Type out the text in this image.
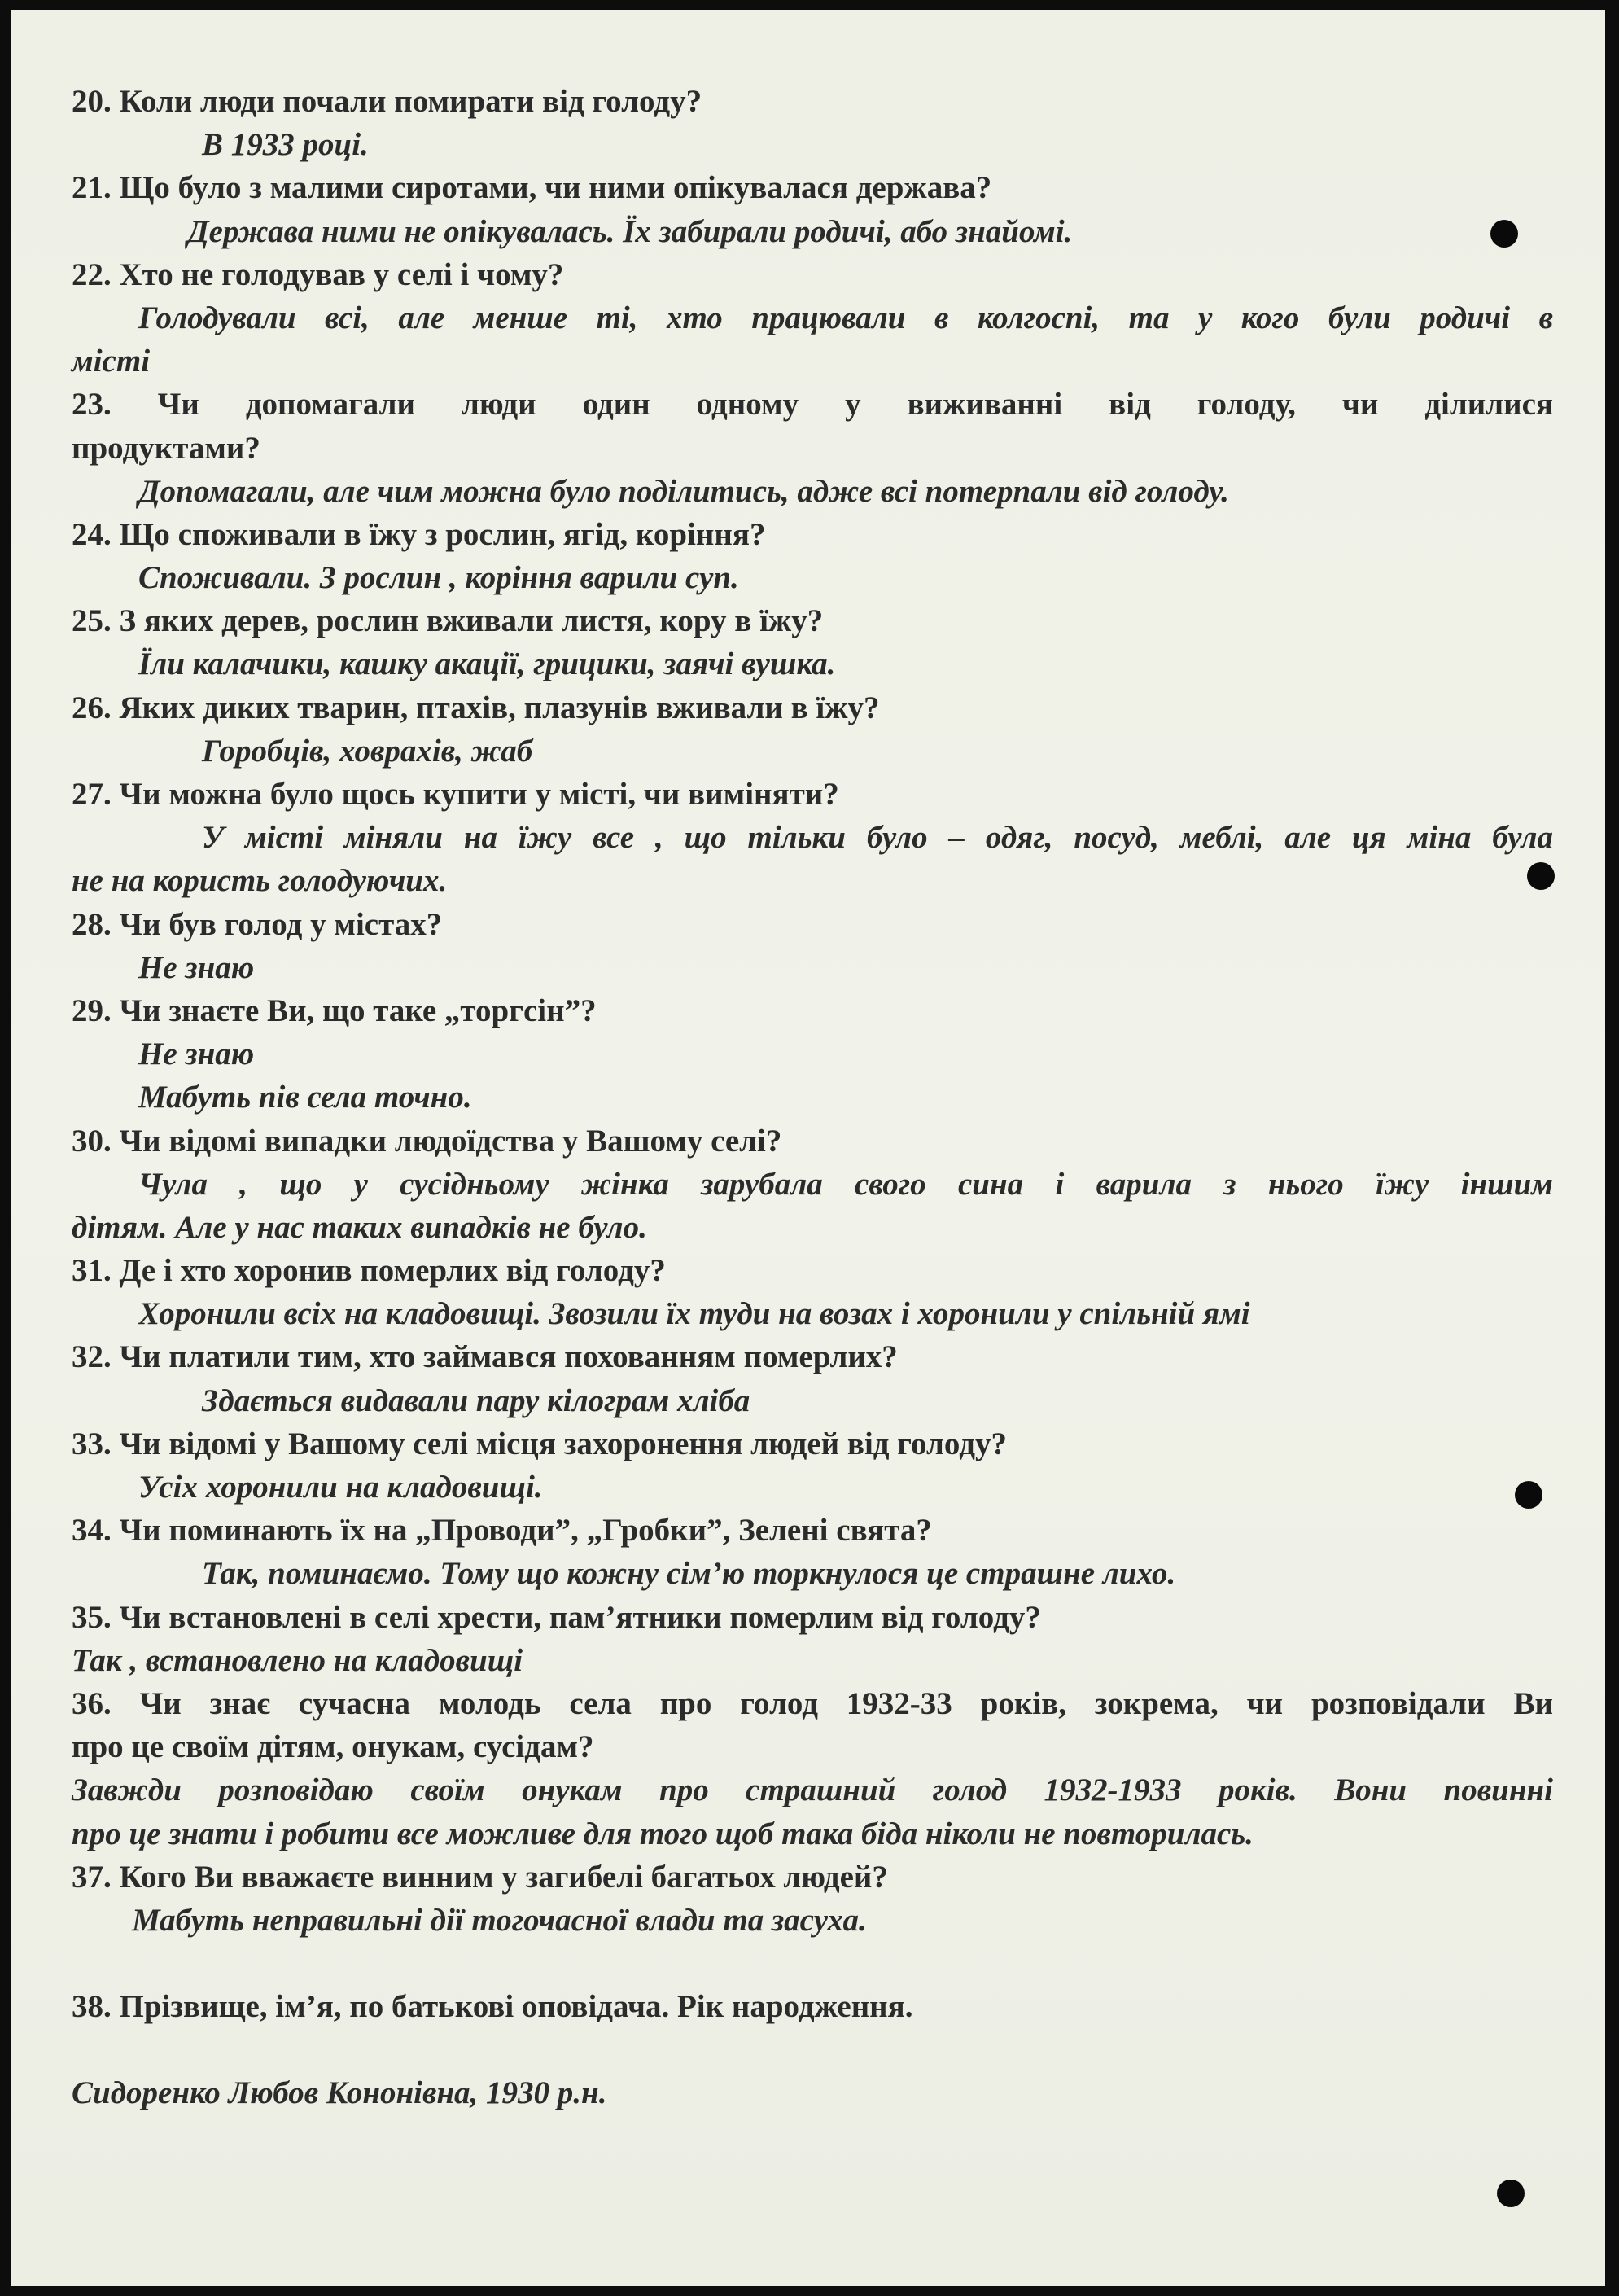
20. Коли люди почали помирати від голоду?
В 1933 році.
21. Що було з малими сиротами, чи ними опікувалася держава?
Держава ними не опікувалась. Їх забирали родичі, або знайомі.
22. Хто не голодував у селі і чому?
Голодували всі, але менше ті, хто працювали в колгоспі, та у кого були родичі в
місті
23. Чи допомагали люди один одному у виживанні від голоду, чи ділилися
продуктами?
Допомагали, але чим можна було поділитись, адже всі потерпали від голоду.
24. Що споживали в їжу з рослин, ягід, коріння?
Споживали. З рослин , коріння варили суп.
25. З яких дерев, рослин вживали листя, кору в їжу?
Їли калачики, кашку акації, грицики, заячі вушка.
26. Яких диких тварин, птахів, плазунів вживали в їжу?
Горобців, ховрахів, жаб
27. Чи можна було щось купити у місті, чи виміняти?
У місті міняли на їжу все , що тільки було – одяг, посуд, меблі, але ця міна була
не на користь голодуючих.
28. Чи був голод у містах?
Не знаю
29. Чи знаєте Ви, що таке „торгсін”?
Не знаю
Мабуть пів села точно.
30. Чи відомі випадки людоїдства у Вашому селі?
Чула , що у сусідньому жінка зарубала свого сина і варила з нього їжу іншим
дітям. Але у нас таких випадків не було.
31. Де і хто хоронив померлих від голоду?
Хоронили всіх на кладовищі. Звозили їх туди на возах і хоронили у спільній ямі
32. Чи платили тим, хто займався похованням померлих?
Здається видавали пару кілограм хліба
33. Чи відомі у Вашому селі місця захоронення людей від голоду?
Усіх хоронили на кладовищі.
34. Чи поминають їх на „Проводи”, „Гробки”, Зелені свята?
Так, поминаємо. Тому що кожну сім’ю торкнулося це страшне лихо.
35. Чи встановлені в селі хрести, пам’ятники померлим від голоду?
Так , встановлено на кладовищі
36. Чи знає сучасна молодь села про голод 1932-33 років, зокрема, чи розповідали Ви
про це своїм дітям, онукам, сусідам?
Завжди розповідаю своїм онукам про страшний голод 1932-1933 років. Вони повинні
про це знати і робити все можливе для того щоб така біда ніколи не повторилась.
37. Кого Ви вважаєте винним у загибелі багатьох людей?
Мабуть неправильні дії тогочасної влади та засуха.
38. Прізвище, ім’я, по батькові оповідача. Рік народження.
Сидоренко Любов Кононівна, 1930 р.н.
